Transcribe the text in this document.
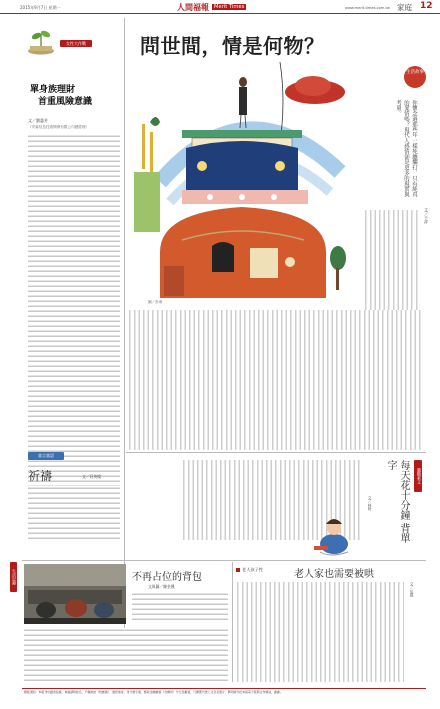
2015年9月7日 星期一	人間福報 Merit Times	www.merit-times.com.tw 家庭 12
女性大作戰
單身族理財
首重風險意識
文／劉惠芳
（安睿信息技術開發有限公司總經理）
問世間，情是何物？
生活故事
你懷念過那些年一樣死纏爛打、只有純真的愛情嗎？現代人感情卻是更多的現實與考量。
圖／洛桑
文／于祥
童言童語
祈禱	文／莊茂燦	職觀素文
每天花十分鐘 背單字
文／林珍
生活記趣	不再占位的背包
文與圖／陳金鳳
老人孩子性	老人家也需要被哄
文／吳霞
閱報須知：本版刊出讀者投稿，來稿請附姓名、戶籍地址（附郵遞）、通訊地址、身分證字號、郵政金融帳號（含郵局）分行及帳號，凡獲選刊登之文章及照片，將同時刊於本報電子報與合作網站，謝謝。
